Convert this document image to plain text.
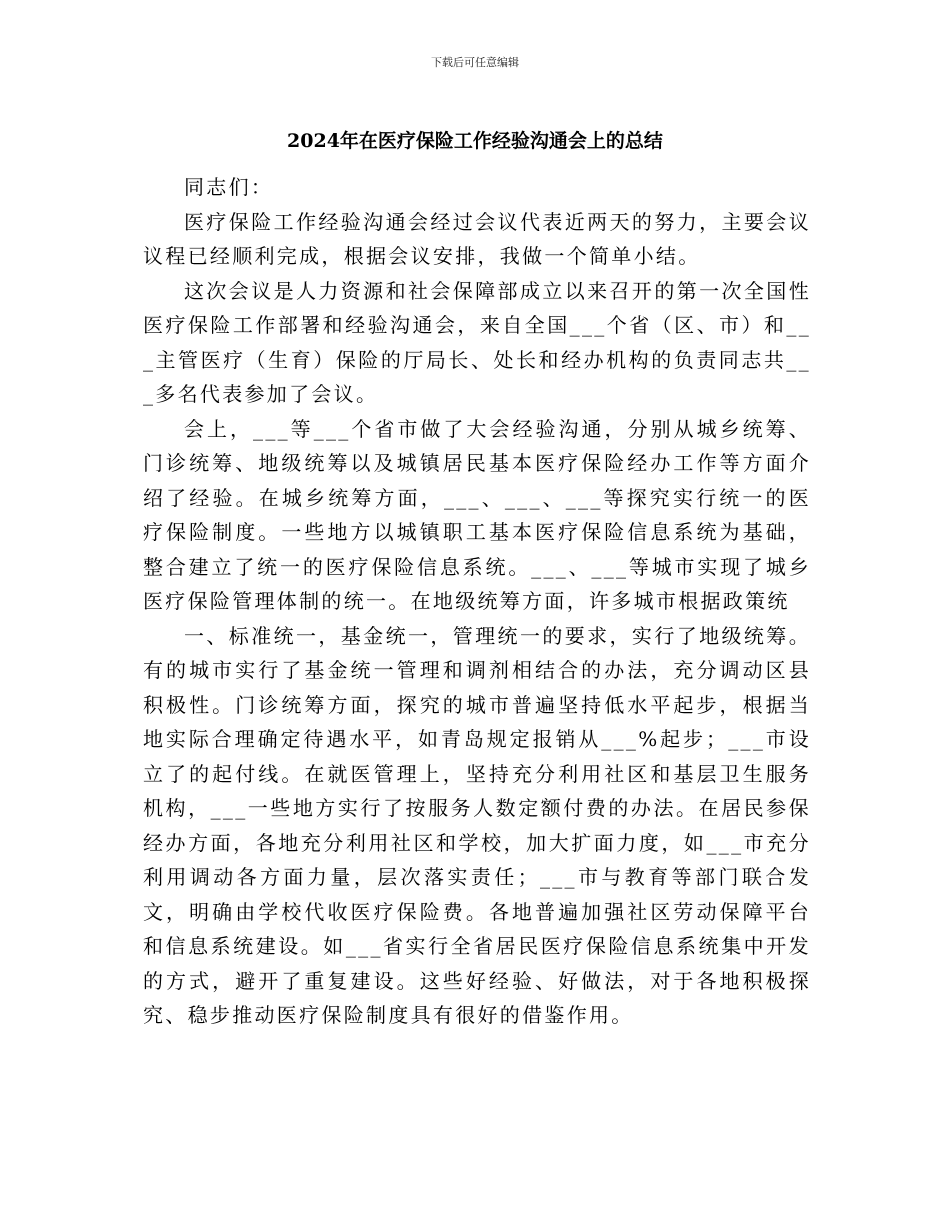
下载后可任意编辑
2024年在医疗保险工作经验沟通会上的总结

同志们：

医疗保险工作经验沟通会经过会议代表近两天的努力，主要会议议程已经顺利完成，根据会议安排，我做一个简单小结。

这次会议是人力资源和社会保障部成立以来召开的第一次全国性医疗保险工作部署和经验沟通会，来自全国___个省（区、市）和___主管医疗（生育）保险的厅局长、处长和经办机构的负责同志共___多名代表参加了会议。

会上，___等___个省市做了大会经验沟通，分别从城乡统筹、门诊统筹、地级统筹以及城镇居民基本医疗保险经办工作等方面介绍了经验。在城乡统筹方面，___、___、___等探究实行统一的医疗保险制度。一些地方以城镇职工基本医疗保险信息系统为基础，整合建立了统一的医疗保险信息系统。___、___等城市实现了城乡医疗保险管理体制的统一。在地级统筹方面，许多城市根据政策统

一、标准统一，基金统一，管理统一的要求，实行了地级统筹。有的城市实行了基金统一管理和调剂相结合的办法，充分调动区县积极性。门诊统筹方面，探究的城市普遍坚持低水平起步，根据当地实际合理确定待遇水平，如青岛规定报销从___%起步；___市设立了的起付线。在就医管理上，坚持充分利用社区和基层卫生服务机构，___一些地方实行了按服务人数定额付费的办法。在居民参保经办方面，各地充分利用社区和学校，加大扩面力度，如___市充分利用调动各方面力量，层次落实责任；___市与教育等部门联合发文，明确由学校代收医疗保险费。各地普遍加强社区劳动保障平台和信息系统建设。如___省实行全省居民医疗保险信息系统集中开发的方式，避开了重复建设。这些好经验、好做法，对于各地积极探究、稳步推动医疗保险制度具有很好的借鉴作用。
